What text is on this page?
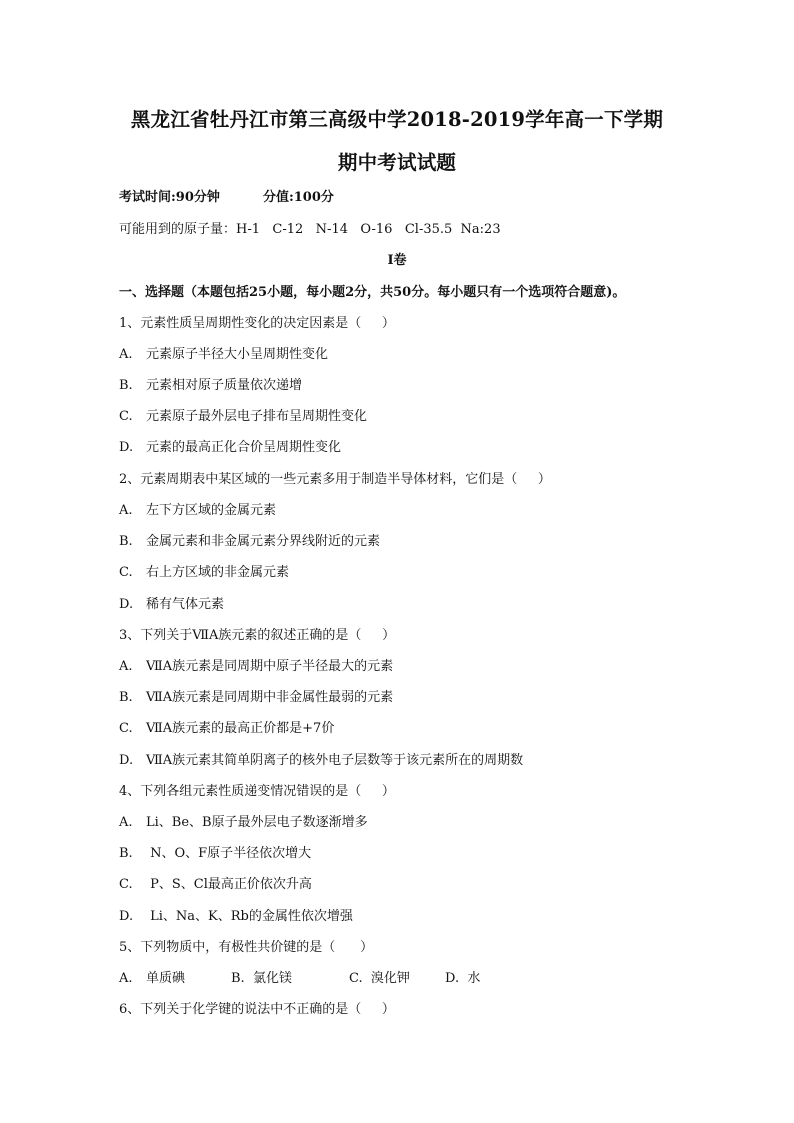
黑龙江省牡丹江市第三高级中学2018-2019学年高一下学期
期中考试试题
考试时间:90分钟	分值:100分
可能用到的原子量：H-1   C-12   N-14   O-16   Cl-35.5  Na:23
I卷
一、选择题（本题包括25小题，每小题2分，共50分。每小题只有一个选项符合题意)。
1、元素性质呈周期性变化的决定因素是（     ）
A. 元素原子半径大小呈周期性变化
B. 元素相对原子质量依次递增
C. 元素原子最外层电子排布呈周期性变化
D. 元素的最高正化合价呈周期性变化
2、元素周期表中某区域的一些元素多用于制造半导体材料，它们是（     ）
A. 左下方区域的金属元素
B. 金属元素和非金属元素分界线附近的元素
C. 右上方区域的非金属元素
D. 稀有气体元素
3、下列关于ⅦA族元素的叙述正确的是（     ）
A. ⅦA族元素是同周期中原子半径最大的元素
B. ⅦA族元素是同周期中非金属性最弱的元素
C. ⅦA族元素的最高正价都是+7价
D. ⅦA族元素其简单阴离子的核外电子层数等于该元素所在的周期数
4、下列各组元素性质递变情况错误的是（     ）
A. Li、Be、B原子最外层电子数逐渐增多
B. N、O、F原子半径依次增大
C. P、S、Cl最高正价依次升高
D. Li、Na、K、Rb的金属性依次增强
5、下列物质中，有极性共价键的是（      ）
A. 单质碘	B. 氯化镁	C. 溴化钾	D. 水
6、下列关于化学键的说法中不正确的是（     ）
